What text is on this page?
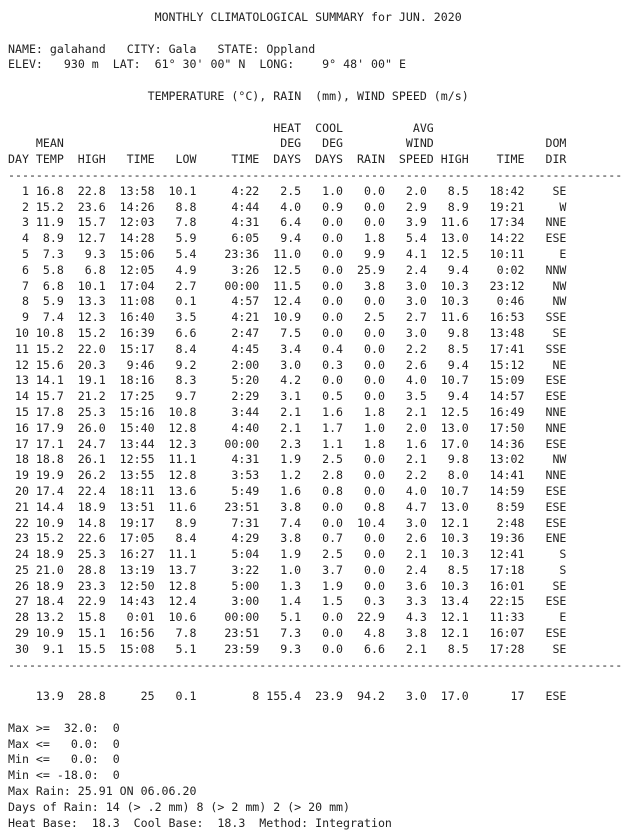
MONTHLY CLIMATOLOGICAL SUMMARY for JUN. 2020
NAME: galahand CITY: Gala STATE: Oppland
ELEV: 930 m LAT: 61° 30' 00" N LONG: 9° 48' 00" E
TEMPERATURE (°C), RAIN  (mm), WIND SPEED (m/s)
HEAT  COOL          AVG
MEAN                               DEG   DEG         WIND                DOM
DAY TEMP  HIGH   TIME   LOW     TIME  DAYS  DAYS  RAIN  SPEED HIGH    TIME   DIR
----------------------------------------------------------------------------------------
1 16.8  22.8  13:58  10.1     4:22   2.5   1.0   0.0   2.0   8.5   18:42    SE
2 15.2  23.6  14:26   8.8     4:44   4.0   0.9   0.0   2.9   8.9   19:21     W
3 11.9  15.7  12:03   7.8     4:31   6.4   0.0   0.0   3.9  11.6   17:34   NNE
4  8.9  12.7  14:28   5.9     6:05   9.4   0.0   1.8   5.4  13.0   14:22   ESE
5  7.3   9.3  15:06   5.4    23:36  11.0   0.0   9.9   4.1  12.5   10:11     E
6  5.8   6.8  12:05   4.9     3:26  12.5   0.0  25.9   2.4   9.4    0:02   NNW
7  6.8  10.1  17:04   2.7    00:00  11.5   0.0   3.8   3.0  10.3   23:12    NW
8  5.9  13.3  11:08   0.1     4:57  12.4   0.0   0.0   3.0  10.3    0:46    NW
9  7.4  12.3  16:40   3.5     4:21  10.9   0.0   2.5   2.7  11.6   16:53   SSE
10 10.8  15.2  16:39   6.6     2:47   7.5   0.0   0.0   3.0   9.8   13:48    SE
11 15.2  22.0  15:17   8.4     4:45   3.4   0.4   0.0   2.2   8.5   17:41   SSE
12 15.6  20.3   9:46   9.2     2:00   3.0   0.3   0.0   2.6   9.4   15:12    NE
13 14.1  19.1  18:16   8.3     5:20   4.2   0.0   0.0   4.0  10.7   15:09   ESE
14 15.7  21.2  17:25   9.7     2:29   3.1   0.5   0.0   3.5   9.4   14:57   ESE
15 17.8  25.3  15:16  10.8     3:44   2.1   1.6   1.8   2.1  12.5   16:49   NNE
16 17.9  26.0  15:40  12.8     4:40   2.1   1.7   1.0   2.0  13.0   17:50   NNE
17 17.1  24.7  13:44  12.3    00:00   2.3   1.1   1.8   1.6  17.0   14:36   ESE
18 18.8  26.1  12:55  11.1     4:31   1.9   2.5   0.0   2.1   9.8   13:02    NW
19 19.9  26.2  13:55  12.8     3:53   1.2   2.8   0.0   2.2   8.0   14:41   NNE
20 17.4  22.4  18:11  13.6     5:49   1.6   0.8   0.0   4.0  10.7   14:59   ESE
21 14.4  18.9  13:51  11.6    23:51   3.8   0.0   0.8   4.7  13.0    8:59   ESE
22 10.9  14.8  19:17   8.9     7:31   7.4   0.0  10.4   3.0  12.1    2:48   ESE
23 15.2  22.6  17:05   8.4     4:29   3.8   0.7   0.0   2.6  10.3   19:36   ENE
24 18.9  25.3  16:27  11.1     5:04   1.9   2.5   0.0   2.1  10.3   12:41     S
25 21.0  28.8  13:19  13.7     3:22   1.0   3.7   0.0   2.4   8.5   17:18     S
26 18.9  23.3  12:50  12.8     5:00   1.3   1.9   0.0   3.6  10.3   16:01    SE
27 18.4  22.9  14:43  12.4     3:00   1.4   1.5   0.3   3.3  13.4   22:15   ESE
28 13.2  15.8   0:01  10.6    00:00   5.1   0.0  22.9   4.3  12.1   11:33     E
29 10.9  15.1  16:56   7.8    23:51   7.3   0.0   4.8   3.8  12.1   16:07   ESE
30  9.1  15.5  15:08   5.1    23:59   9.3   0.0   6.6   2.1   8.5   17:28    SE
----------------------------------------------------------------------------------------
13.9  28.8     25   0.1        8 155.4  23.9  94.2   3.0  17.0      17   ESE
Max >=  32.0:  0
Max <=   0.0:  0
Min <=   0.0:  0
Min <= -18.0:  0
Max Rain: 25.91 ON 06.06.20
Days of Rain: 14 (> .2 mm) 8 (> 2 mm) 2 (> 20 mm)
Heat Base:  18.3  Cool Base:  18.3  Method: Integration
